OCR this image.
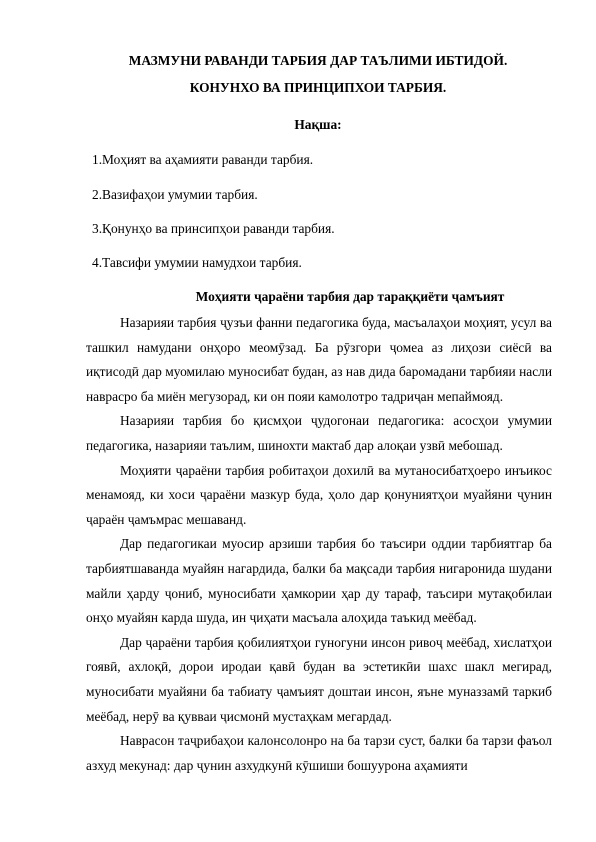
МАЗМУНИ РАВАНДИ ТАРБИЯ ДАР ТАЪЛИМИ ИБТИДОЙ.
КОНУНХО ВА ПРИНЦИПХОИ ТАРБИЯ.
Нақша:
1.Моҳият ва аҳамияти раванди тарбия.
2.Вазифаҳои умумии тарбия.
3.Қонунҳо ва принсипҳои раванди тарбия.
4.Тавсифи умумии намудхои тарбия.
Моҳияти ҷараёни тарбия дар тараққиёти ҷамъият

Назарияи тарбия ҷузъи фанни педагогика буда, масъалаҳои моҳият, усул ва ташкил намудани онҳоро меомӯзад. Ба рӯзгори ҷомеа аз лиҳози сиёсӣ ва иқтисодӣ дар муомилаю муносибат будан, аз нав дида баромадани тарбияи насли наврасро ба миён мегузорад, ки он пояи камолотро тадриҷан мепаймояд.

Назарияи тарбия бо қисмҳои ҷудогонаи педагогика: асосҳои умумии педагогика, назарияи таълим, шинохти мактаб дар алоқаи узвӣ мебошад.

Моҳияти ҷараёни тарбия робитаҳои дохилӣ ва мутаносибатҳоеро инъикос менамояд, ки хоси ҷараёни мазкур буда, ҳоло дар қонуниятҳои муайяни ҷунин ҷараён ҷамъмрас мешаванд.

Дар педагогикаи муосир арзиши тарбия бо таъсири оддии тарбиятгар ба тарбиятшаванда муайян нагардида, балки ба мақсади тарбия нигаронида шудани майли ҳарду ҷониб, муносибати ҳамкории ҳар ду тараф, таъсири мутақобилаи онҳо муайян карда шуда, ин ҷиҳати масъала алоҳида таъкид меёбад.

Дар ҷараёни тарбия қобилиятҳои гуногуни инсон ривоҷ меёбад, хислатҳои гоявӣ, ахлоқӣ, дорои иродаи қавӣ будан ва эстетикӣи шахс шакл мегирад, муносибати муайяни ба табиату ҷамъият доштаи инсон, яъне муназзамӣ таркиб меёбад, нерӯ ва қувваи ҷисмонӣ мустаҳкам мегардад.

Наврасон таҷрибаҳои калонсолонро на ба тарзи суст, балки ба тарзи фаъол азхуд мекунад: дар ҷунин азхудкунӣ кӯшиши бошуурона аҳамияти
